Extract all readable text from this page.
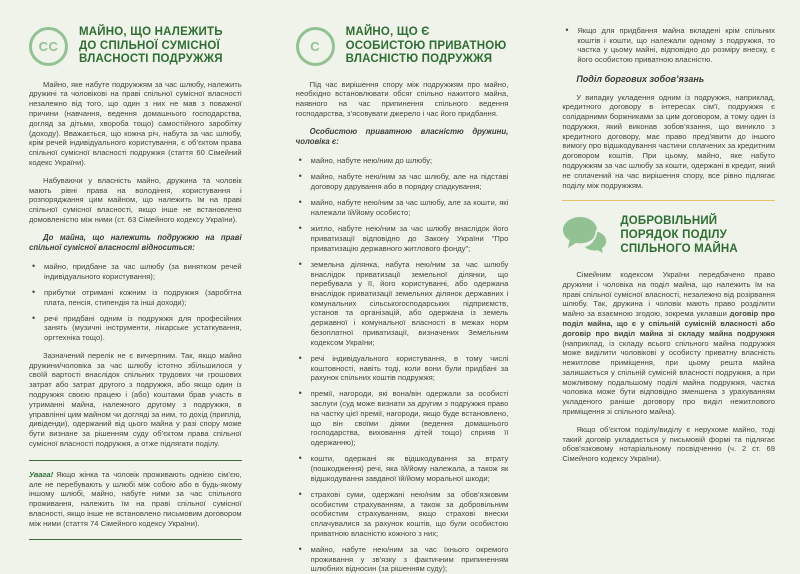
СС
МАЙНО, ЩО НАЛЕЖИТЬ ДО СПІЛЬНОЇ СУМІСНОЇ ВЛАСНОСТІ ПОДРУЖЖЯ

Майно, яке набуте подружжям за час шлюбу, належить дружині та чоловікові на праві спільної сумісної власності незалежно від того, що один з них не мав з поважної причини (навчання, ведення домашнього господарства, догляд за дітьми, хвороба тощо) самостійного заробітку (доходу). Вважається, що кожна річ, набута за час шлюбу, крім речей індивідуального користування, є об’єктом права спільної сумісної власності подружжя (стаття 60 Сімейний кодекс України).

Набуваючи у власність майно, дружина та чоловік мають рівні права на володіння, користування і розпоряджання цим майном, що належить їм на праві спільної сумісної власності, якщо інше не встановлено домовленістю між ними (ст. 63 Сімейного кодексу України).

До майна, що належить подружжю на праві спільної сумісної власності відноситься:

• майно, придбане за час шлюбу (за винятком речей індивідуального користування);
• прибутки отримані кожним із подружжя (заробітна плата, пенсія, стипендія та інші доходи);
• речі придбані одним із подружжя для професійних занять (музичні інструменти, лікарське устаткування, оргтехніка тощо).

Зазначений перелік не є вичерпним. Так, якщо майно дружини/чоловіка за час шлюбу істотно збільшилося у своїй вартості внаслідок спільних трудових чи грошових затрат або затрат другого з подружжя, або якщо один із подружжя своєю працею і (або) коштами брав участь в утриманні майна, належного другому з подружжя, в управлінні цим майном чи догляді за ним, то дохід (приплід, дивіденди), одержаний від цього майна у разі спору може бути визнане за рішенням суду об’єктом права спільної сумісної власності подружжя, а отже підлягати поділу.

Увага! Якщо жінка та чоловік проживають однією сім’єю, але не перебувають у шлюбі між собою або в будь-якому іншому шлюбі, майно, набуте ними за час спільного проживання, належить їм на праві спільної сумісної власності, якщо інше не встановлено письмовим договором між ними (стаття 74 Сімейного кодексу України).

С
МАЙНО, ЩО Є ОСОБИСТОЮ ПРИВАТНОЮ ВЛАСНІСТЮ ПОДРУЖЖЯ

Під час вирішення спору між подружжям про майно, необхідно встановлювати обсяг спільно нажитого майна, наявного на час припинення спільного ведення господарства, з’ясовувати джерело і час його придбання.

Особистою приватною власністю дружини, чоловіка є:

• майно, набуте нею/ним до шлюбу;
• майно, набуте нею/ним за час шлюбу, але на підставі договору дарування або в порядку спадкування;
• майно, набуте нею/ним за час шлюбу, але за кошти, які належали їй/йому особисто;
• житло, набуте нею/ним за час шлюбу внаслідок його приватизації відповідно до Закону України "Про приватизацію державного житлового фонду";
• земельна ділянка, набута нею/ним за час шлюбу внаслідок приватизації земельної ділянки, що перебувала у її, його користуванні, або одержана внаслідок приватизації земельних ділянок державних і комунальних сільськогосподарських підприємств, установ та організацій, або одержана із земель державної і комунальної власності в межах норм безоплатної приватизації, визначених Земельним кодексом України;
• речі індивідуального користування, в тому числі коштовності, навіть тоді, коли вони були придбані за рахунок спільних коштів подружжя;
• премії, нагороди, які вона/він одержали за особисті заслуги (суд може визнати за другим з подружжя право на частку цієї премії, нагороди, якщо буде встановлено, що він своїми діями (ведення домашнього господарства, виховання дітей тощо) сприяв її одержанню);
• кошти, одержані як відшкодування за втрату (пошкодження) речі, яка їй/йому належала, а також як відшкодування завданої їй/йому моральної шкоди;
• страхові суми, одержані нею/ним за обов’язковим особистим страхуванням, а також за добровільним особистим страхуванням, якщо страхові внески сплачувалися за рахунок коштів, що були особистою приватною власністю кожного з них;
• майно, набуте нею/ним за час їхнього окремого проживання у зв’язку з фактичним припиненням шлюбних відносин (за рішенням суду);
• Якщо для придбання майна вкладені крім спільних коштів і кошти, що належали одному з подружжя, то частка у цьому майні, відповідно до розміру внеску, є його особистою приватною власністю.

Поділ боргових зобов’язань

У випадку укладення одним із подружжя, наприклад, кредитного договору в інтересах сім’ї, подружжя є солідарними боржниками за цим договором, а тому один із подружжя, який виконав зобов’язання, що виникло з кредитного договору, має право пред’явити до іншого вимогу про відшкодування частини сплачених за кредитним договором коштів. При цьому, майно, яке набуто подружжям за час шлюбу за кошти, одержані в кредит, який не сплачений на час вирішення спору, все рівно підлягає поділу між подружжям.

ДОБРОВІЛЬНИЙ ПОРЯДОК ПОДІЛУ СПІЛЬНОГО МАЙНА

Сімейним кодексом України передбачено право дружини і чоловіка на поділ майна, що належить їм на праві спільної сумісної власності, незалежно від розірвання шлюбу. Так, дружина і чоловік мають право розділити майно за взаємною згодою, зокрема уклавши договір про поділ майна, що є у спільній сумісній власності або договір про виділ майна зі складу майна подружжя (наприклад, із складу всього спільного майна подружжя може виділити чоловікові у особисту приватну власність нежитлове приміщення, при цьому решта майна залишається у спільній сумісній власності подружжя, а при можливому подальшому поділі майна подружжя, частка чоловіка може бути відповідно зменшена з урахуванням укладеного раніше договору про виділ нежитлового приміщення зі спільного майна).

Якщо об’єктом поділу/виділу є нерухоме майно, тоді такий договір укладається у письмовій формі та підлягає обов’язковому нотаріальному посвідченню (ч. 2 ст. 69 Сімейного кодексу України).
